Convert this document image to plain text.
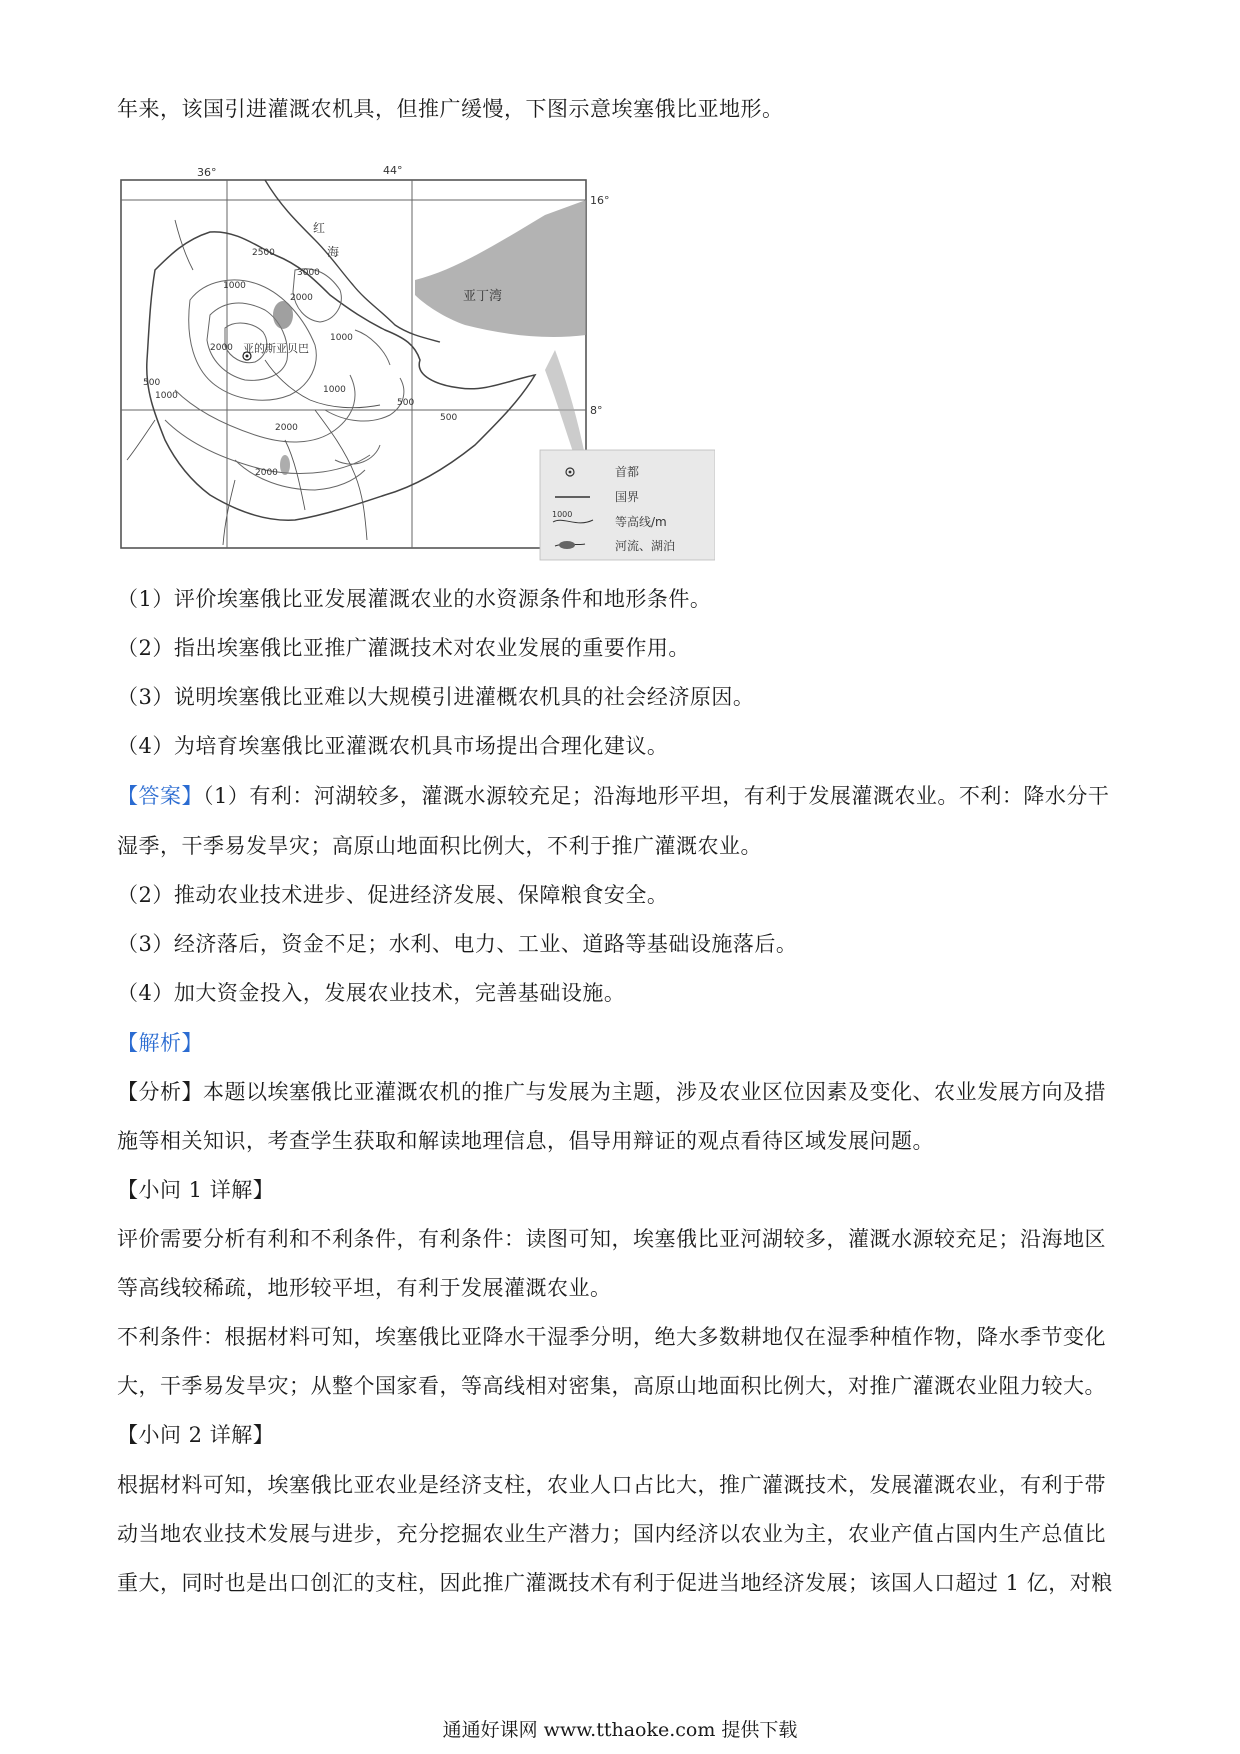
年来，该国引进灌溉农机具，但推广缓慢，下图示意埃塞俄比亚地形。
36°	44°
16°
8°
红
海
亚丁湾
亚的斯亚贝巴
2500
1000
500
2000
2000
1000
500
1000
1000
3000
2000
2000
500
首都
国界
1000
等高线/m
河流、湖泊
（1）评价埃塞俄比亚发展灌溉农业的水资源条件和地形条件。
（2）指出埃塞俄比亚推广灌溉技术对农业发展的重要作用。
（3）说明埃塞俄比亚难以大规模引进灌概农机具的社会经济原因。
（4）为培育埃塞俄比亚灌溉农机具市场提出合理化建议。
【答案】（1）有利：河湖较多，灌溉水源较充足；沿海地形平坦，有利于发展灌溉农业。不利：降水分干
湿季，干季易发旱灾；高原山地面积比例大，不利于推广灌溉农业。
（2）推动农业技术进步、促进经济发展、保障粮食安全。
（3）经济落后，资金不足；水利、电力、工业、道路等基础设施落后。
（4）加大资金投入，发展农业技术，完善基础设施。
【解析】
【分析】本题以埃塞俄比亚灌溉农机的推广与发展为主题，涉及农业区位因素及变化、农业发展方向及措
施等相关知识，考查学生获取和解读地理信息，倡导用辩证的观点看待区域发展问题。
【小问 1 详解】
评价需要分析有利和不利条件，有利条件：读图可知，埃塞俄比亚河湖较多，灌溉水源较充足；沿海地区
等高线较稀疏，地形较平坦，有利于发展灌溉农业。
不利条件：根据材料可知，埃塞俄比亚降水干湿季分明，绝大多数耕地仅在湿季种植作物，降水季节变化
大，干季易发旱灾；从整个国家看，等高线相对密集，高原山地面积比例大，对推广灌溉农业阻力较大。
【小问 2 详解】
根据材料可知，埃塞俄比亚农业是经济支柱，农业人口占比大，推广灌溉技术，发展灌溉农业，有利于带
动当地农业技术发展与进步，充分挖掘农业生产潜力；国内经济以农业为主，农业产值占国内生产总值比
重大，同时也是出口创汇的支柱，因此推广灌溉技术有利于促进当地经济发展；该国人口超过 1 亿，对粮
通通好课网 www.tthaoke.com 提供下载
